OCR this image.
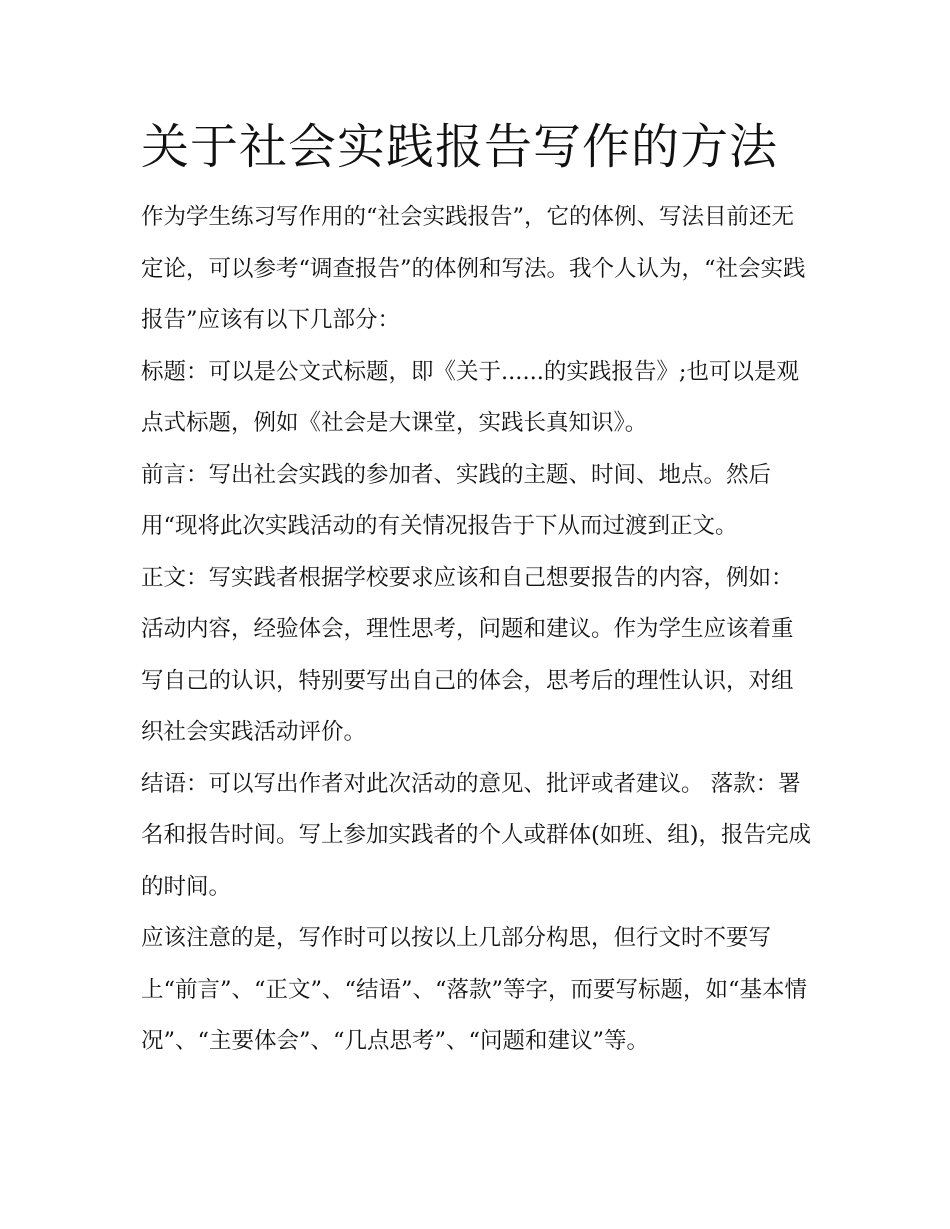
关于社会实践报告写作的方法

作为学生练习写作用的“社会实践报告”，它的体例、写法目前还无定论，可以参考“调查报告”的体例和写法。我个人认为，“社会实践报告”应该有以下几部分：

标题：可以是公文式标题，即《关于......的实践报告》;也可以是观点式标题，例如《社会是大课堂，实践长真知识》。

前言：写出社会实践的参加者、实践的主题、时间、地点。然后用“现将此次实践活动的有关情况报告于下从而过渡到正文。

正文：写实践者根据学校要求应该和自己想要报告的内容，例如：活动内容，经验体会，理性思考，问题和建议。作为学生应该着重写自己的认识，特别要写出自己的体会，思考后的理性认识，对组织社会实践活动评价。

结语：可以写出作者对此次活动的意见、批评或者建议。 落款：署名和报告时间。写上参加实践者的个人或群体(如班、组)，报告完成的时间。

应该注意的是，写作时可以按以上几部分构思，但行文时不要写上“前言”、“正文”、“结语”、“落款”等字，而要写标题，如“基本情况”、“主要体会”、“几点思考”、“问题和建议”等。
